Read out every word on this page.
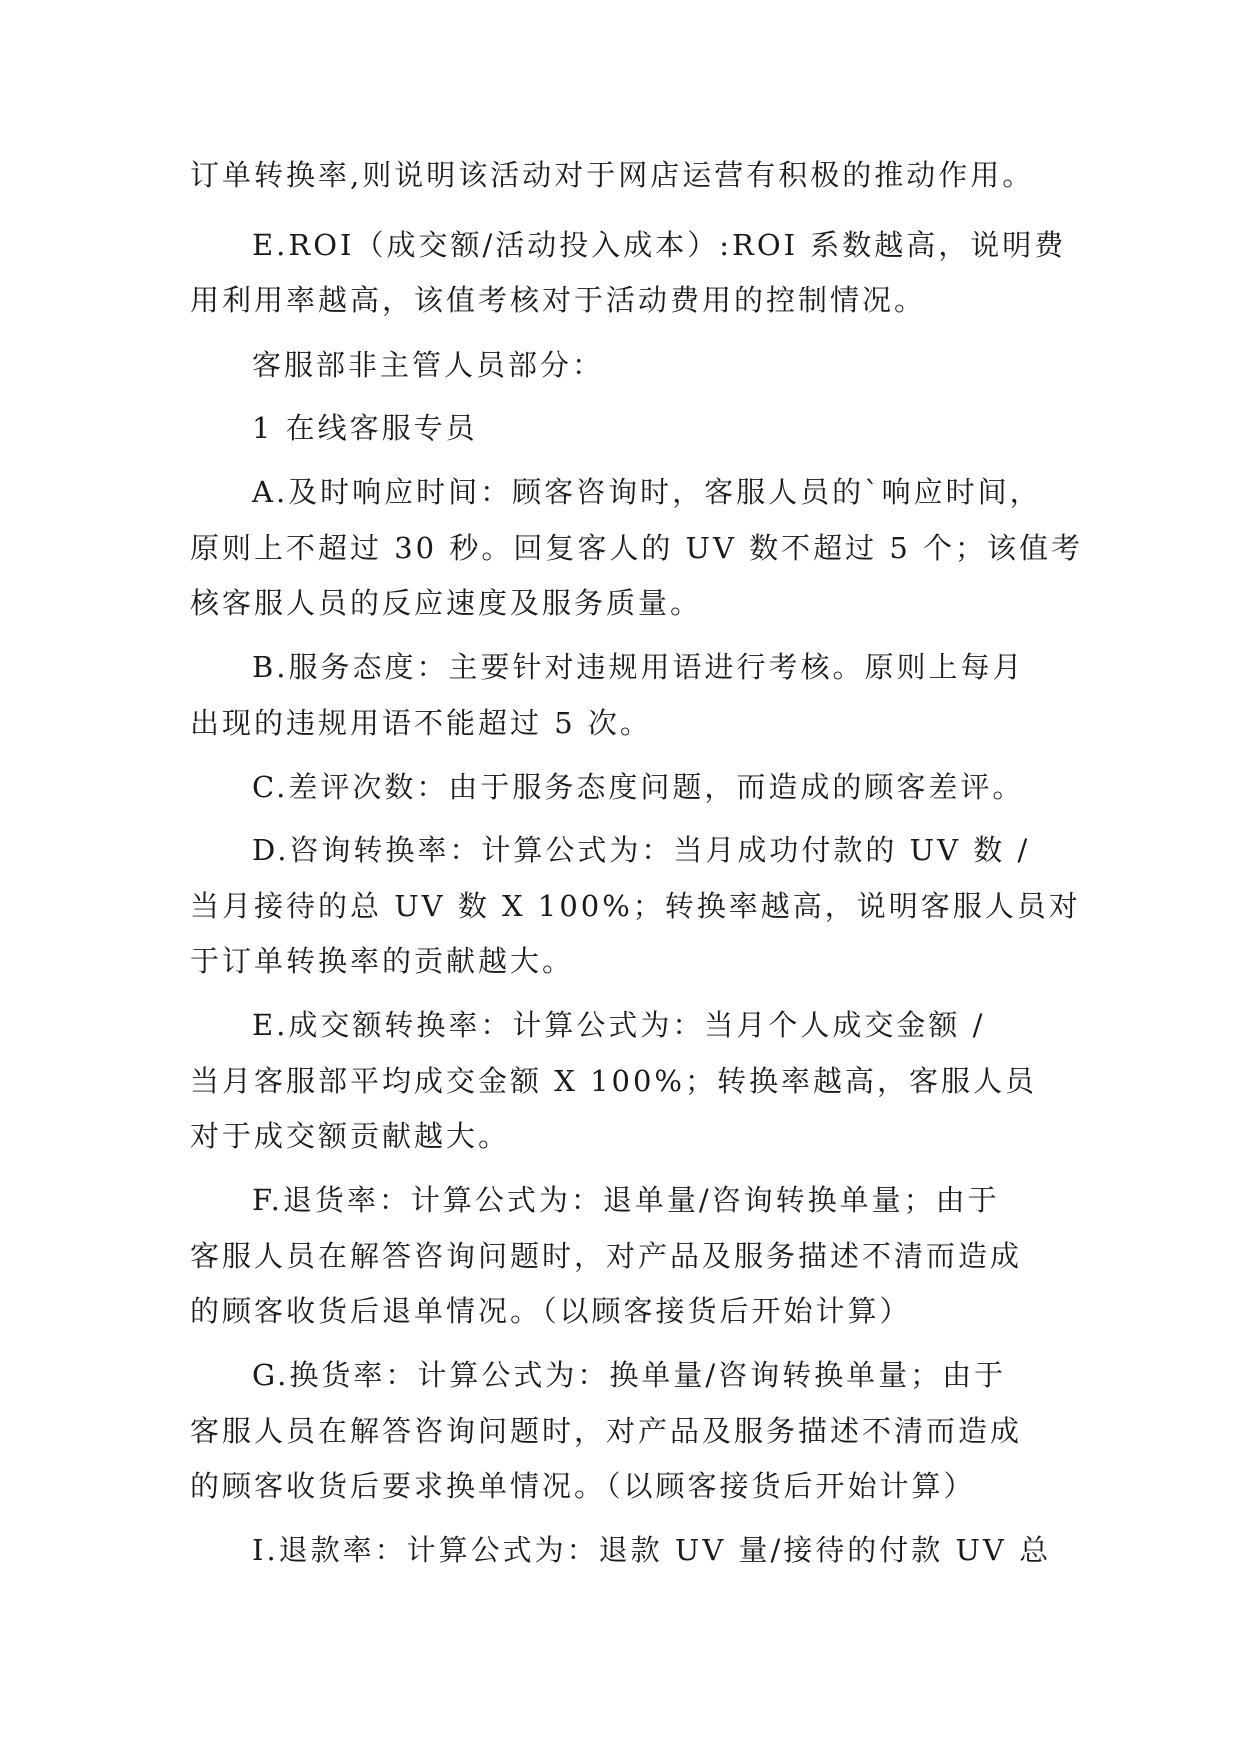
订单转换率,则说明该活动对于网店运营有积极的推动作用。
E.ROI（成交额/活动投入成本）:ROI 系数越高，说明费
用利用率越高，该值考核对于活动费用的控制情况。
客服部非主管人员部分：
1 在线客服专员
A.及时响应时间：顾客咨询时，客服人员的`响应时间，
原则上不超过 30 秒。回复客人的 UV 数不超过 5 个；该值考
核客服人员的反应速度及服务质量。
B.服务态度：主要针对违规用语进行考核。原则上每月
出现的违规用语不能超过 5 次。
C.差评次数：由于服务态度问题，而造成的顾客差评。
D.咨询转换率：计算公式为：当月成功付款的 UV 数 /
当月接待的总 UV 数 X 100%；转换率越高，说明客服人员对
于订单转换率的贡献越大。
E.成交额转换率：计算公式为：当月个人成交金额 /
当月客服部平均成交金额 X 100%；转换率越高，客服人员
对于成交额贡献越大。
F.退货率：计算公式为：退单量/咨询转换单量；由于
客服人员在解答咨询问题时，对产品及服务描述不清而造成
的顾客收货后退单情况。（以顾客接货后开始计算）
G.换货率：计算公式为：换单量/咨询转换单量；由于
客服人员在解答咨询问题时，对产品及服务描述不清而造成
的顾客收货后要求换单情况。（以顾客接货后开始计算）
I.退款率：计算公式为：退款 UV 量/接待的付款 UV 总
